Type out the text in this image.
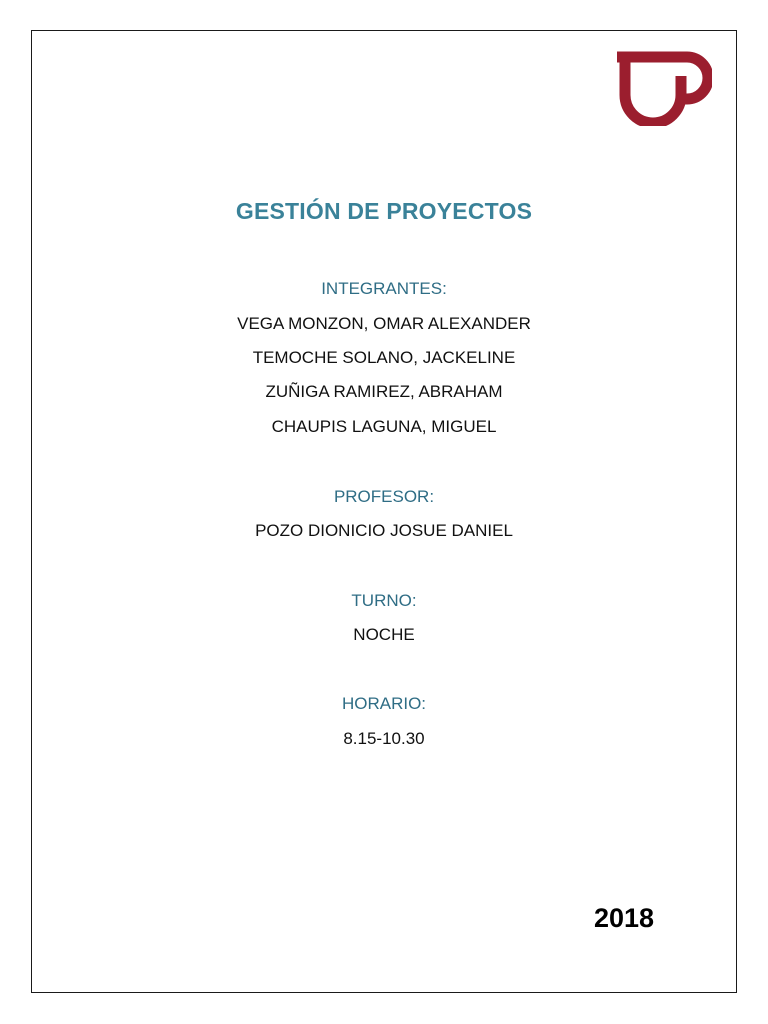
GESTIÓN DE PROYECTOS
INTEGRANTES:
VEGA MONZON, OMAR ALEXANDER
TEMOCHE SOLANO, JACKELINE
ZUÑIGA RAMIREZ, ABRAHAM
CHAUPIS LAGUNA, MIGUEL
PROFESOR:
POZO DIONICIO JOSUE DANIEL
TURNO:
NOCHE
HORARIO:
8.15-10.30
2018
